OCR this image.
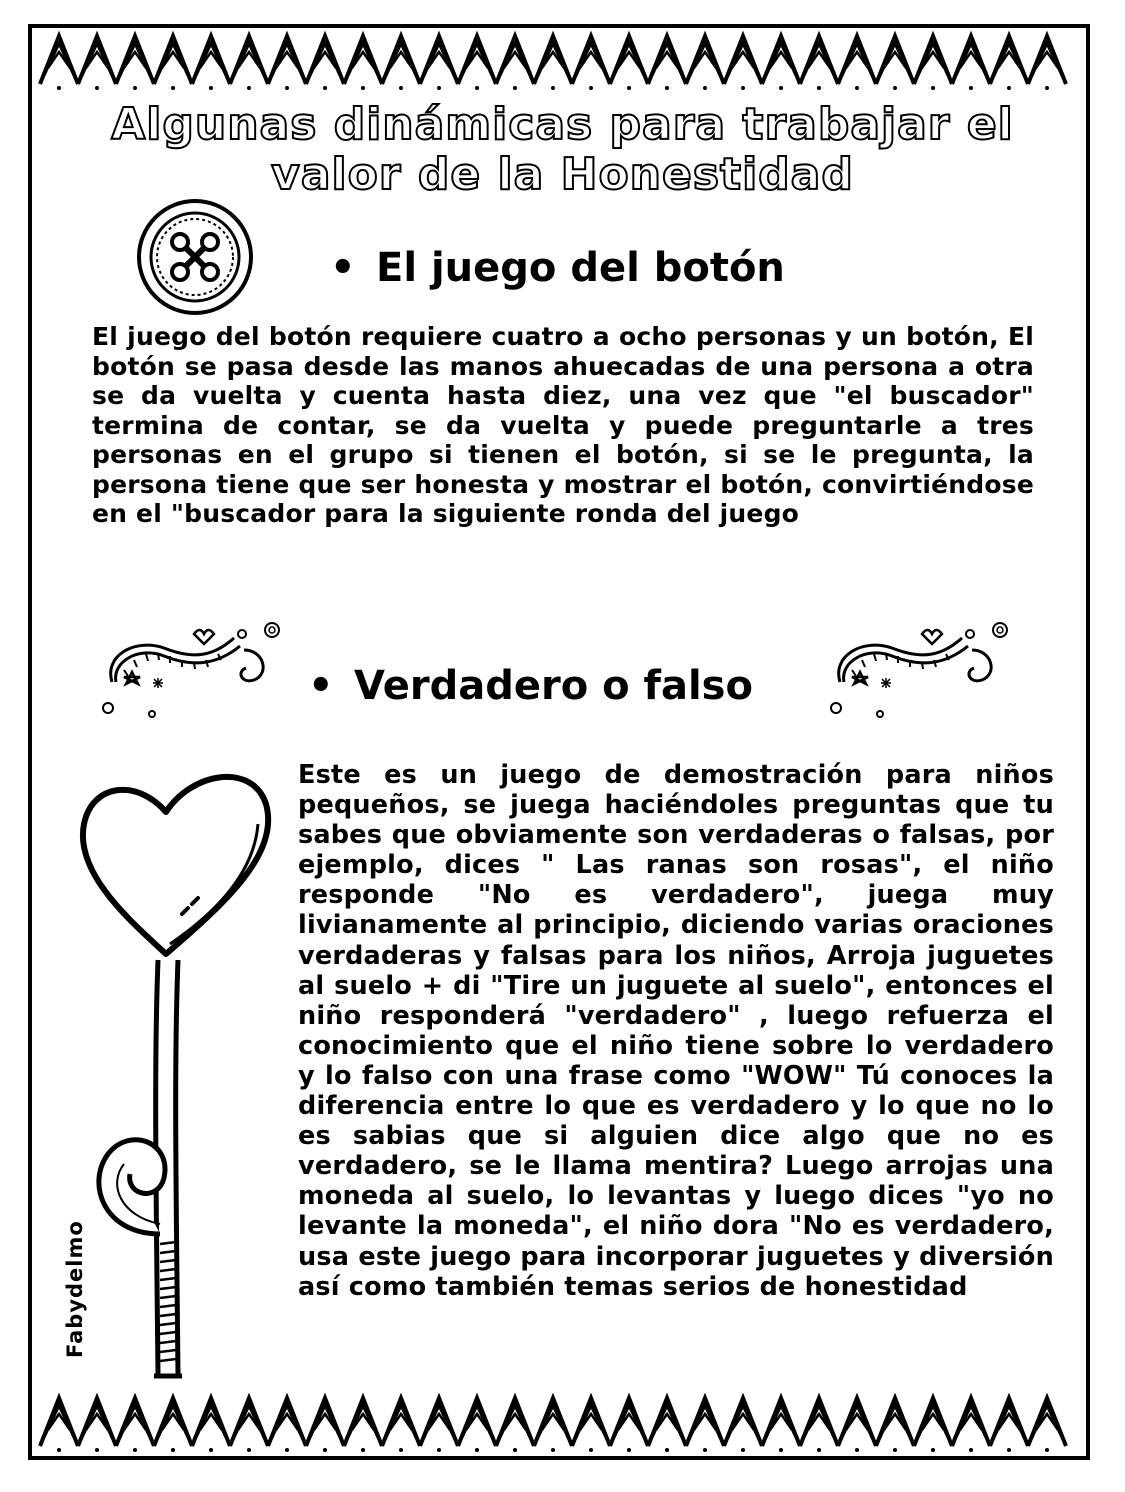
Algunas dinámicas para trabajar el valor de la Honestidad
• El juego del botón

El juego del botón requiere cuatro a ocho personas y un botón, El botón se pasa desde las manos ahuecadas de una persona a otra se da vuelta y cuenta hasta diez, una vez que "el buscador" termina de contar, se da vuelta y puede preguntarle a tres personas en el grupo si tienen el botón, si se le pregunta, la persona tiene que ser honesta y mostrar el botón, convirtiéndose en el "buscador para la siguiente ronda del juego

• Verdadero o falso

Este es un juego de demostración para niños pequeños, se juega haciéndoles preguntas que tu sabes que obviamente son verdaderas o falsas, por ejemplo, dices " Las ranas son rosas", el niño responde "No es verdadero", juega muy livianamente al principio, diciendo varias oraciones verdaderas y falsas para los niños, Arroja juguetes al suelo + di "Tire un juguete al suelo", entonces el niño responderá "verdadero" , luego refuerza el conocimiento que el niño tiene sobre lo verdadero y lo falso con una frase como "WOW" Tú conoces la diferencia entre lo que es verdadero y lo que no lo es sabias que si alguien dice algo que no es verdadero, se le llama mentira? Luego arrojas una moneda al suelo, lo levantas y luego dices "yo no levante la moneda", el niño dora "No es verdadero, usa este juego para incorporar juguetes y diversión así como también temas serios de honestidad

Fabydelmo
